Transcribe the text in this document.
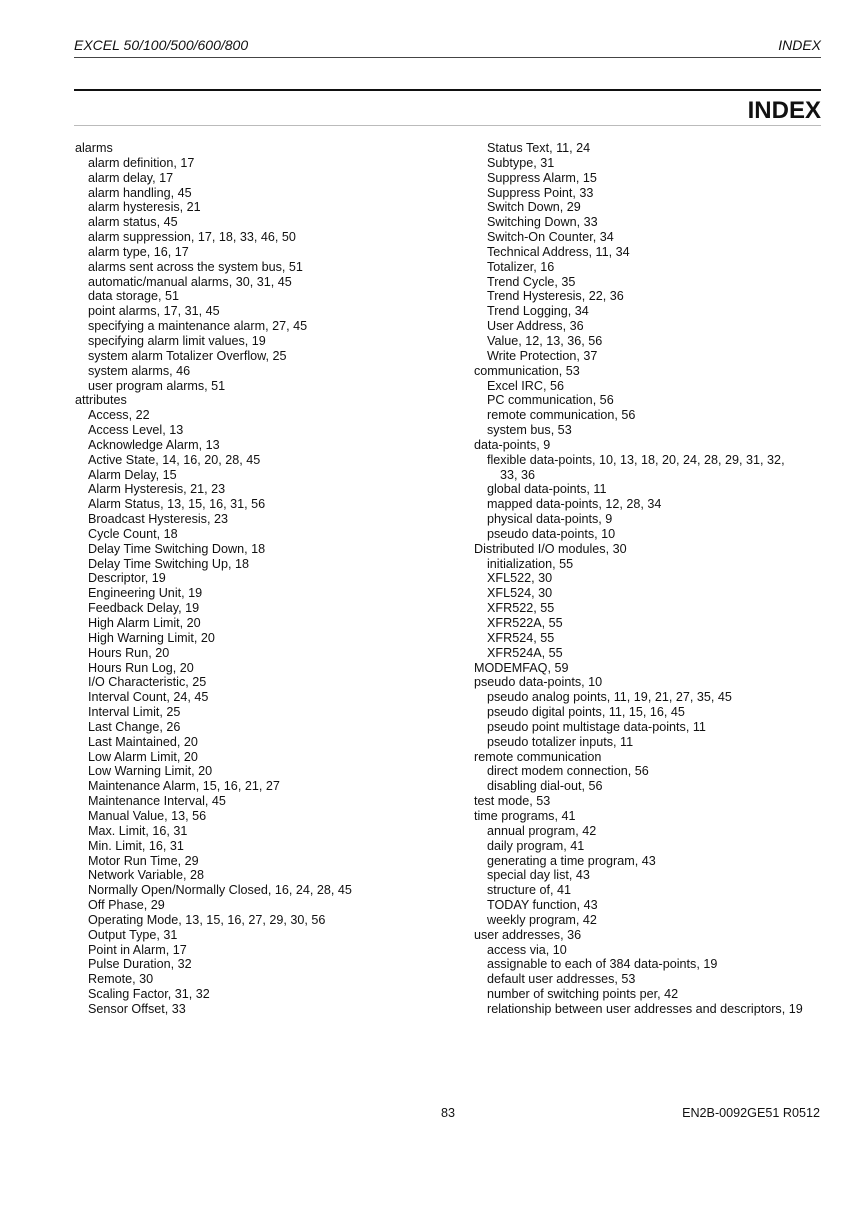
EXCEL 50/100/500/600/800	INDEX
INDEX
alarms
alarm definition, 17
alarm delay, 17
alarm handling, 45
alarm hysteresis, 21
alarm status, 45
alarm suppression, 17, 18, 33, 46, 50
alarm type, 16, 17
alarms sent across the system bus, 51
automatic/manual alarms, 30, 31, 45
data storage, 51
point alarms, 17, 31, 45
specifying a maintenance alarm, 27, 45
specifying alarm limit values, 19
system alarm Totalizer Overflow, 25
system alarms, 46
user program alarms, 51
attributes
Access, 22
Access Level, 13
Acknowledge Alarm, 13
Active State, 14, 16, 20, 28, 45
Alarm Delay, 15
Alarm Hysteresis, 21, 23
Alarm Status, 13, 15, 16, 31, 56
Broadcast Hysteresis, 23
Cycle Count, 18
Delay Time Switching Down, 18
Delay Time Switching Up, 18
Descriptor, 19
Engineering Unit, 19
Feedback Delay, 19
High Alarm Limit, 20
High Warning Limit, 20
Hours Run, 20
Hours Run Log, 20
I/O Characteristic, 25
Interval Count, 24, 45
Interval Limit, 25
Last Change, 26
Last Maintained, 20
Low Alarm Limit, 20
Low Warning Limit, 20
Maintenance Alarm, 15, 16, 21, 27
Maintenance Interval, 45
Manual Value, 13, 56
Max. Limit, 16, 31
Min. Limit, 16, 31
Motor Run Time, 29
Network Variable, 28
Normally Open/Normally Closed, 16, 24, 28, 45
Off Phase, 29
Operating Mode, 13, 15, 16, 27, 29, 30, 56
Output Type, 31
Point in Alarm, 17
Pulse Duration, 32
Remote, 30
Scaling Factor, 31, 32
Sensor Offset, 33
Status Text, 11, 24
Subtype, 31
Suppress Alarm, 15
Suppress Point, 33
Switch Down, 29
Switching Down, 33
Switch-On Counter, 34
Technical Address, 11, 34
Totalizer, 16
Trend Cycle, 35
Trend Hysteresis, 22, 36
Trend Logging, 34
User Address, 36
Value, 12, 13, 36, 56
Write Protection, 37
communication, 53
Excel IRC, 56
PC communication, 56
remote communication, 56
system bus, 53
data-points, 9
flexible data-points, 10, 13, 18, 20, 24, 28, 29, 31, 32,
33, 36
global data-points, 11
mapped data-points, 12, 28, 34
physical data-points, 9
pseudo data-points, 10
Distributed I/O modules, 30
initialization, 55
XFL522, 30
XFL524, 30
XFR522, 55
XFR522A, 55
XFR524, 55
XFR524A, 55
MODEMFAQ, 59
pseudo data-points, 10
pseudo analog points, 11, 19, 21, 27, 35, 45
pseudo digital points, 11, 15, 16, 45
pseudo point multistage data-points, 11
pseudo totalizer inputs, 11
remote communication
direct modem connection, 56
disabling dial-out, 56
test mode, 53
time programs, 41
annual program, 42
daily program, 41
generating a time program, 43
special day list, 43
structure of, 41
TODAY function, 43
weekly program, 42
user addresses, 36
access via, 10
assignable to each of 384 data-points, 19
default user addresses, 53
number of switching points per, 42
relationship between user addresses and descriptors, 19
83	EN2B-0092GE51 R0512
